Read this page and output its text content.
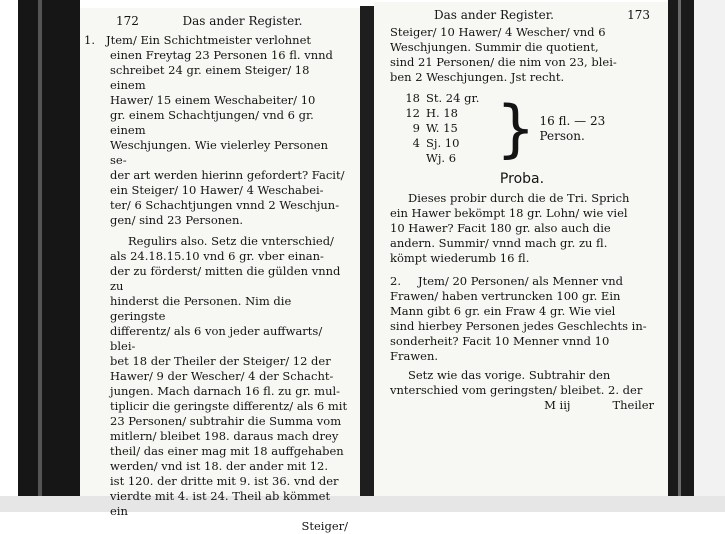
172	Das ander Register.
1. Jtem/ Ein Schichtmeister verlohnet
einen Freytag 23 Personen 16 fl. vnnd
schreibet 24 gr. einem Steiger/ 18 einem
Hawer/ 15 einem Weschabeiter/ 10
gr. einem Schachtjungen/ vnd 6 gr. einem
Weschjungen. Wie vielerley Personen se-
der art werden hierinn gefordert? Facit/
ein Steiger/ 10 Hawer/ 4 Weschabei-
ter/ 6 Schachtjungen vnnd 2 Weschjun-
gen/ sind 23 Personen.
Regulirs also. Setz die vnterschied/
als 24.18.15.10 vnd 6 gr. vber einan-
der zu förderst/ mitten die gülden vnnd zu
hinderst die Personen. Nim die geringste
differentz/ als 6 von jeder auffwarts/ blei-
bet 18 der Theiler der Steiger/ 12 der
Hawer/ 9 der Wescher/ 4 der Schacht-
jungen. Mach darnach 16 fl. zu gr. mul-
tiplicir die geringste differentz/ als 6 mit
23 Personen/ subtrahir die Summa vom
mitlern/ bleibet 198. daraus mach drey
theil/ das einer mag mit 18 auffgehaben
werden/ vnd ist 18. der ander mit 12.
ist 120. der dritte mit 9. ist 36. vnd der
vierdte mit 4. ist 24. Theil ab kömmet ein
Steiger/
Das ander Register.	173
Steiger/ 10 Hawer/ 4 Wescher/ vnd 6
Weschjungen. Summir die quotient,
sind 21 Personen/ die nim von 23, blei-
ben 2 Weschjungen. Jst recht.
18 St. 24 gr.
12 H. 18
9 W. 15
4 Sj. 10
Wj. 6 } 16 fl. — 23 Person.
Proba.
Dieses probir durch die de Tri. Sprich
ein Hawer bekömpt 18 gr. Lohn/ wie viel
10 Hawer? Facit 180 gr. also auch die
andern. Summir/ vnnd mach gr. zu fl.
kömpt wiederumb 16 fl.
2. Jtem/ 20 Personen/ als Menner vnd
Frawen/ haben vertruncken 100 gr. Ein
Mann gibt 6 gr. ein Fraw 4 gr. Wie viel
sind hierbey Personen jedes Geschlechts in-
sonderheit? Facit 10 Menner vnnd 10
Frawen.
Setz wie das vorige. Subtrahir den
vnterschied vom geringsten/ bleibet. 2. der
M iij	Theiler
